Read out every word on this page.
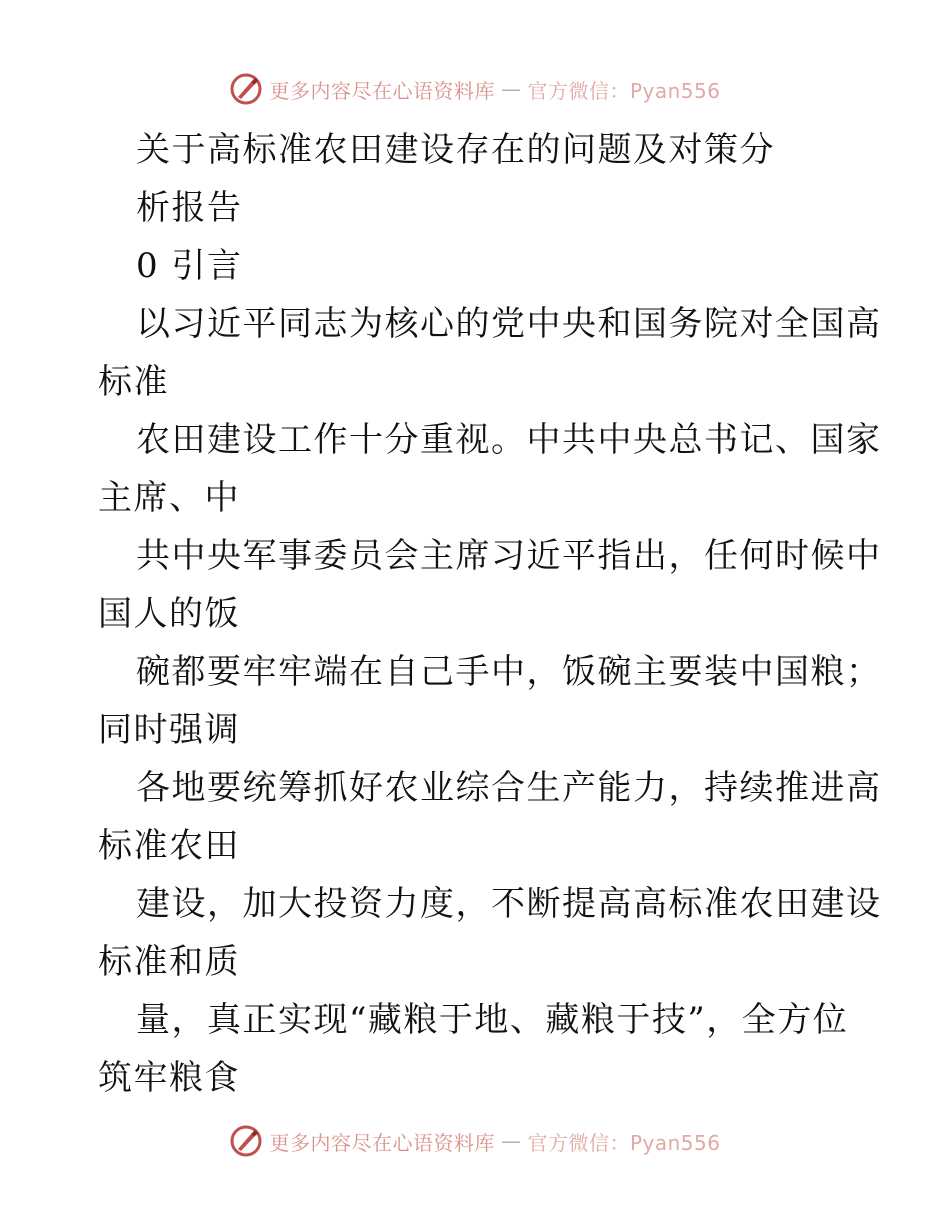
更多内容尽在心语资料库 — 官方微信：Pyan556
关于高标准农田建设存在的问题及对策分
析报告
0 引言
以习近平同志为核心的党中央和国务院对全国高
标准
农田建设工作十分重视。中共中央总书记、国家
主席、中
共中央军事委员会主席习近平指出，任何时候中
国人的饭
碗都要牢牢端在自己手中，饭碗主要装中国粮；
同时强调
各地要统筹抓好农业综合生产能力，持续推进高
标准农田
建设，加大投资力度，不断提高高标准农田建设
标准和质
量，真正实现“藏粮于地、藏粮于技”，全方位
筑牢粮食
更多内容尽在心语资料库 — 官方微信：Pyan556
